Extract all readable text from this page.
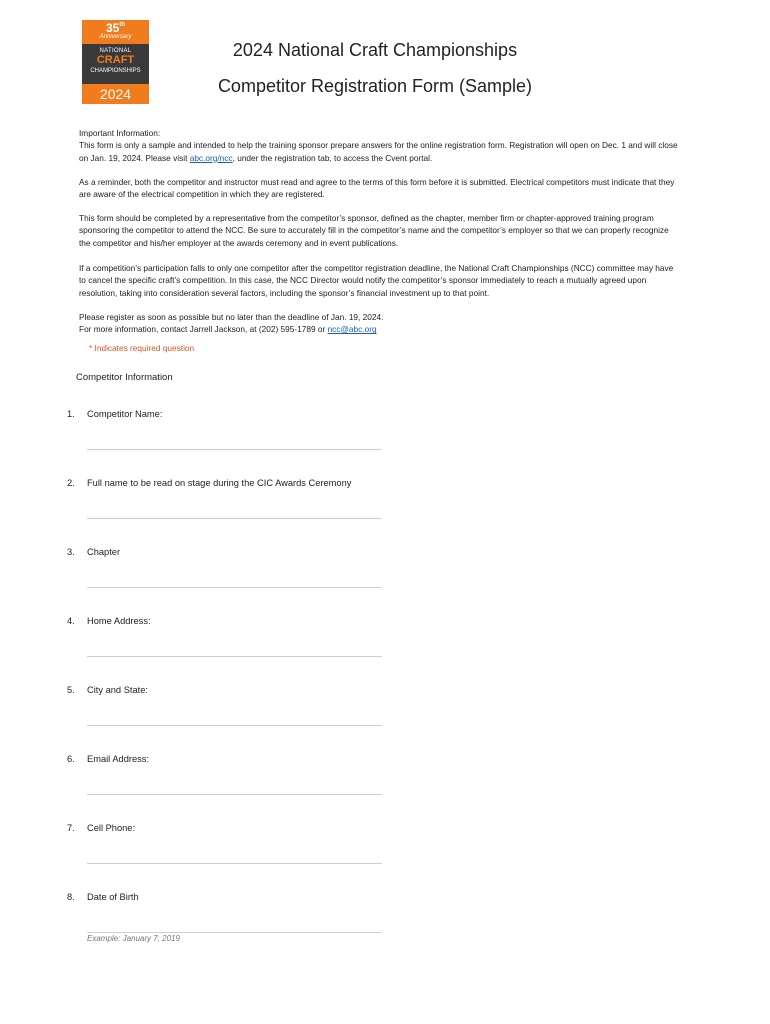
35th
Anniversary
NATIONAL
CRAFT
CHAMPIONSHIPS
2024
2024 National Craft Championships
Competitor Registration Form (Sample)

Important Information:

This form is only a sample and intended to help the training sponsor prepare answers for the online registration form. Registration will open on Dec. 1 and will close on Jan. 19, 2024. Please visit abc.org/ncc, under the registration tab, to access the Cvent portal.

As a reminder, both the competitor and instructor must read and agree to the terms of this form before it is submitted. Electrical competitors must indicate that they are aware of the electrical competition in which they are registered.
This form should be completed by a representative from the competitor’s sponsor, defined as the chapter, member firm or chapter-approved training program sponsoring the competitor to attend the NCC. Be sure to accurately fill in the competitor’s name and the competitor’s employer so that we can properly recognize the competitor and his/her employer at the awards ceremony and in event publications.
If a competition’s participation falls to only one competitor after the competitor registration deadline, the National Craft Championships (NCC) committee may have to cancel the specific craft’s competition. In this case, the NCC Director would notify the competitor’s sponsor immediately to reach a mutually agreed upon resolution, taking into consideration several factors, including the sponsor’s financial investment up to that point.

Please register as soon as possible but no later than the deadline of Jan. 19, 2024.

For more information, contact Jarrell Jackson, at (202) 595-1789 or ncc@abc.org

* Indicates required question
Competitor Information
1. Competitor Name:
2. Full name to be read on stage during the CIC Awards Ceremony
3. Chapter
4. Home Address:
5. City and State:
6. Email Address:
7. Cell Phone:
8. Date of Birth
Example: January 7, 2019
